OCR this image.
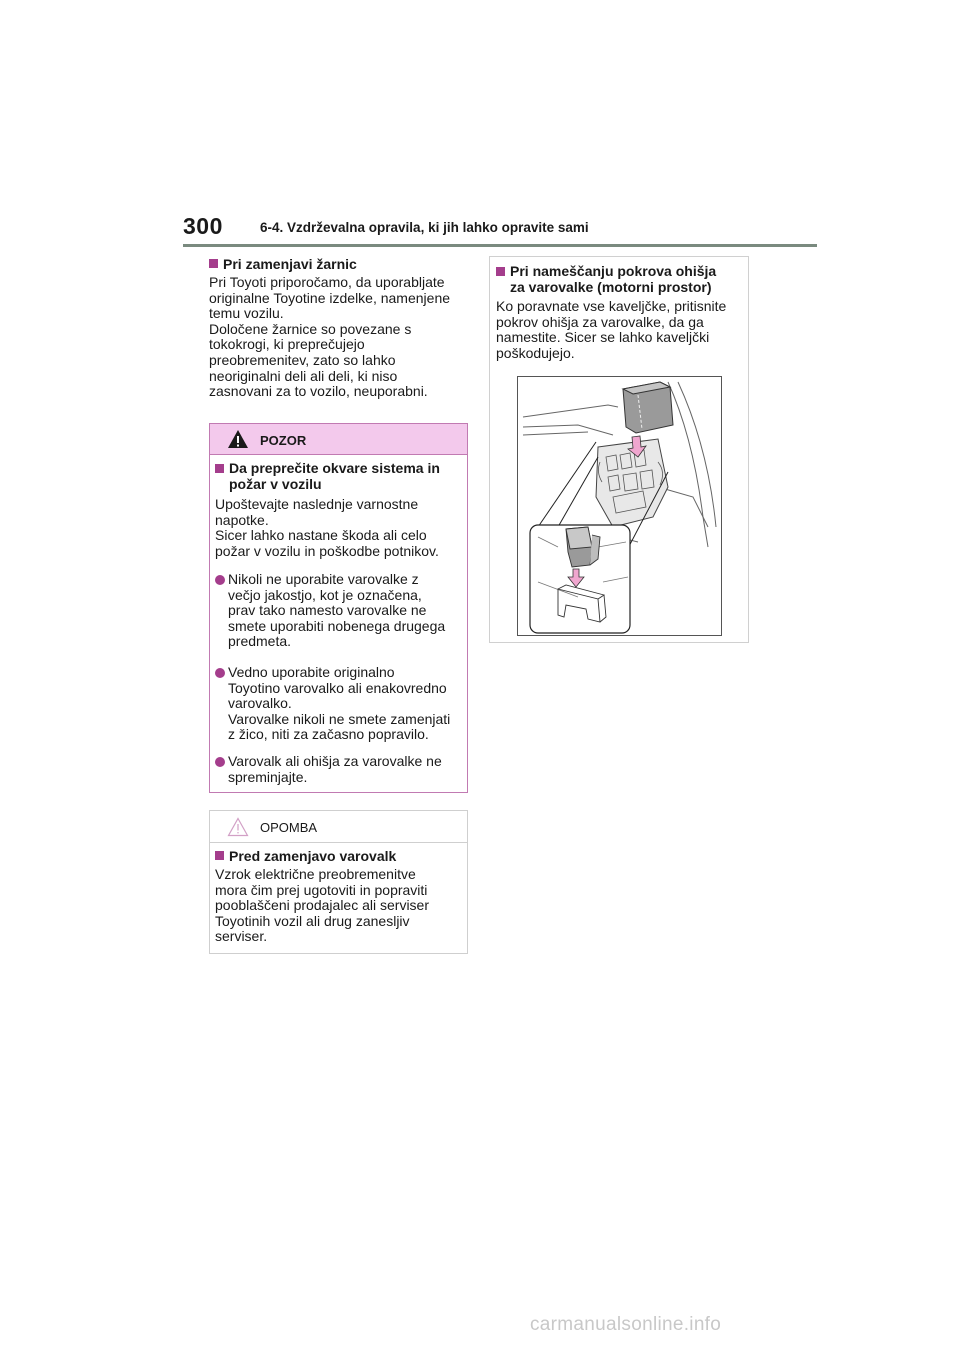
300	6-4. Vzdrževalna opravila, ki jih lahko opravite sami
Pri zamenjavi žarnic
Pri Toyoti priporočamo, da uporabljate
originalne Toyotine izdelke, namenjene
temu vozilu.
Določene žarnice so povezane s
tokokrogi, ki preprečujejo
preobremenitev, zato so lahko
neoriginalni deli ali deli, ki niso
zasnovani za to vozilo, neuporabni.
POZOR
Da preprečite okvare sistema in
požar v vozilu
Upoštevajte naslednje varnostne
napotke.
Sicer lahko nastane škoda ali celo
požar v vozilu in poškodbe potnikov.
Nikoli ne uporabite varovalke z
večjo jakostjo, kot je označena,
prav tako namesto varovalke ne
smete uporabiti nobenega drugega
predmeta.
Vedno uporabite originalno
Toyotino varovalko ali enakovredno
varovalko.
Varovalke nikoli ne smete zamenjati
z žico, niti za začasno popravilo.
Varovalk ali ohišja za varovalke ne
spreminjajte.
OPOMBA
Pred zamenjavo varovalk
Vzrok električne preobremenitve
mora čim prej ugotoviti in popraviti
pooblaščeni prodajalec ali serviser
Toyotinih vozil ali drug zanesljiv
serviser.
Pri nameščanju pokrova ohišja
za varovalke (motorni prostor)
Ko poravnate vse kaveljčke, pritisnite
pokrov ohišja za varovalke, da ga
namestite. Sicer se lahko kaveljčki
poškodujejo.
carmanualsonline.info
